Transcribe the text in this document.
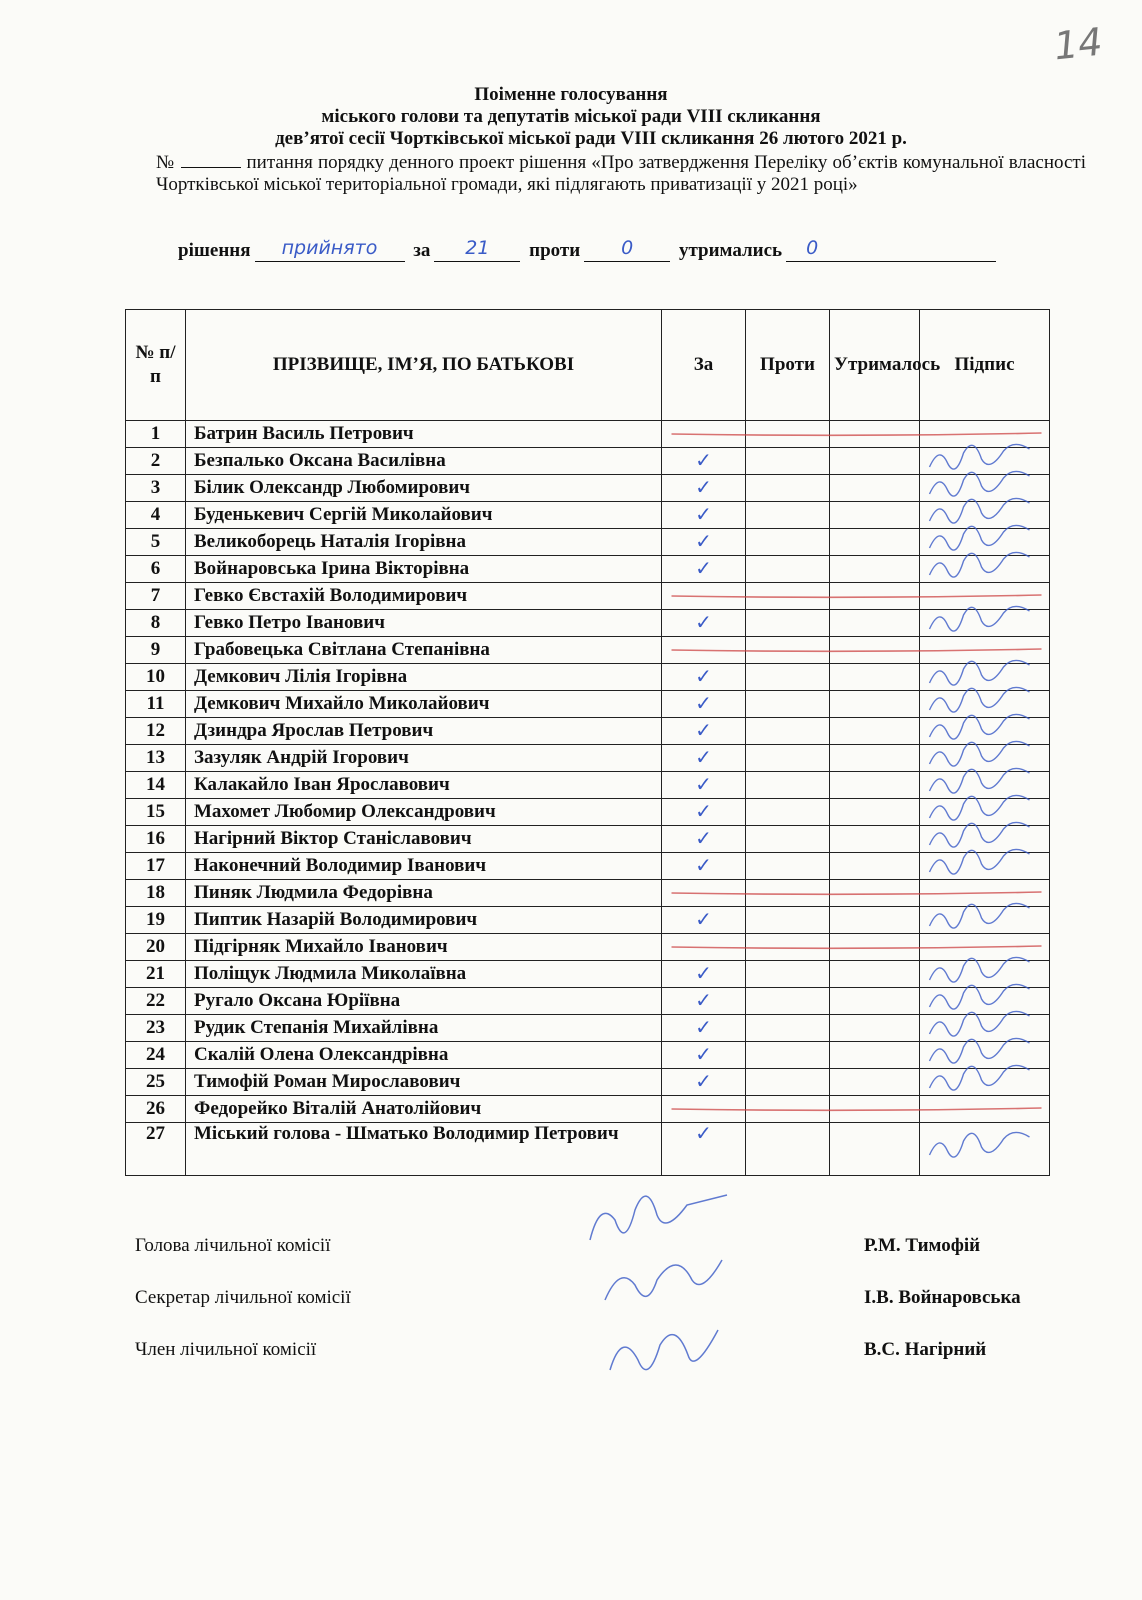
14
Поіменне голосування
міського голови та депутатів міської ради VIII скликання
дев’ятої сесії Чортківської міської ради VIII скликання 26 лютого 2021 р.
№	питання порядку денного проект рішення «Про затвердження Переліку об’єктів комунальної власності Чортківської міської територіальної громади, які підлягають приватизації у 2021 році»
рішення прийнято за 21 проти 0 утримались 0
№ п/п	ПРІЗВИЩЕ, ІМ’Я, ПО БАТЬКОВІ	За	Проти	Утрималось	Підпис
1	Батрин Василь Петрович				
2	Безпалько Оксана Василівна	✓			
3	Білик Олександр Любомирович	✓			
4	Буденькевич Сергій Миколайович	✓			
5	Великоборець Наталія Ігорівна	✓			
6	Войнаровська Ірина Вікторівна	✓			
7	Гевко Євстахій Володимирович				
8	Гевко Петро Іванович	✓			
9	Грабовецька Світлана Степанівна				
10	Демкович Лілія Ігорівна	✓			
11	Демкович Михайло Миколайович	✓			
12	Дзиндра Ярослав Петрович	✓			
13	Зазуляк Андрій Ігорович	✓			
14	Калакайло Іван Ярославович	✓			
15	Махомет Любомир Олександрович	✓			
16	Нагірний Віктор Станіславович	✓			
17	Наконечний Володимир Іванович	✓			
18	Пиняк Людмила Федорівна				
19	Пиптик Назарій Володимирович	✓			
20	Підгірняк Михайло Іванович				
21	Поліщук Людмила Миколаївна	✓			
22	Ругало Оксана Юріївна	✓			
23	Рудик Степанія Михайлівна	✓			
24	Скалій Олена Олександрівна	✓			
25	Тимофій Роман Мирославович	✓			
26	Федорейко Віталій Анатолійович				
27	Міський голова - Шматько Володимир Петрович	✓			
Голова лічильної комісії	Р.М. Тимофій
Секретар лічильної комісії	І.В. Войнаровська
Член лічильної комісії	В.С. Нагірний
